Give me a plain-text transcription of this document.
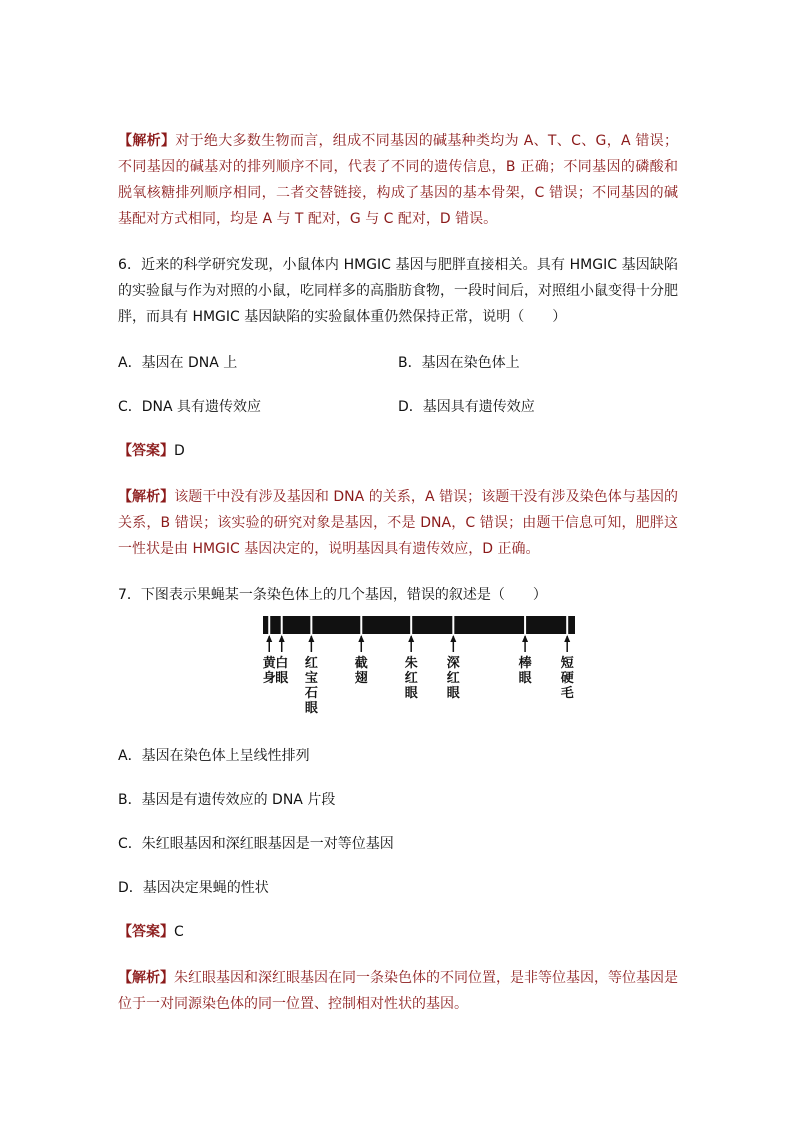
【解析】对于绝大多数生物而言，组成不同基因的碱基种类均为 A、T、C、G，A 错误；不同基因的碱基对的排列顺序不同，代表了不同的遗传信息，B 正确；不同基因的磷酸和脱氧核糖排列顺序相同，二者交替链接，构成了基因的基本骨架，C 错误；不同基因的碱基配对方式相同，均是 A 与 T 配对，G 与 C 配对，D 错误。

6．近来的科学研究发现，小鼠体内 HMGIC 基因与肥胖直接相关。具有 HMGIC 基因缺陷的实验鼠与作为对照的小鼠，吃同样多的高脂肪食物，一段时间后，对照组小鼠变得十分肥胖，而具有 HMGIC 基因缺陷的实验鼠体重仍然保持正常，说明（　　）

A．基因在 DNA 上	B．基因在染色体上
C．DNA 具有遗传效应	D．基因具有遗传效应

【答案】D

【解析】该题干中没有涉及基因和 DNA 的关系，A 错误；该题干没有涉及染色体与基因的关系，B 错误；该实验的研究对象是基因，不是 DNA，C 错误；由题干信息可知，肥胖这一性状是由 HMGIC 基因决定的，说明基因具有遗传效应，D 正确。

7．下图表示果蝇某一条染色体上的几个基因，错误的叙述是（　　）

黄身
白眼
红宝石眼
截翅
朱红眼
深红眼
棒眼
短硬毛

A．基因在染色体上呈线性排列

B．基因是有遗传效应的 DNA 片段

C．朱红眼基因和深红眼基因是一对等位基因

D．基因决定果蝇的性状

【答案】C

【解析】朱红眼基因和深红眼基因在同一条染色体的不同位置，是非等位基因，等位基因是位于一对同源染色体的同一位置、控制相对性状的基因。
